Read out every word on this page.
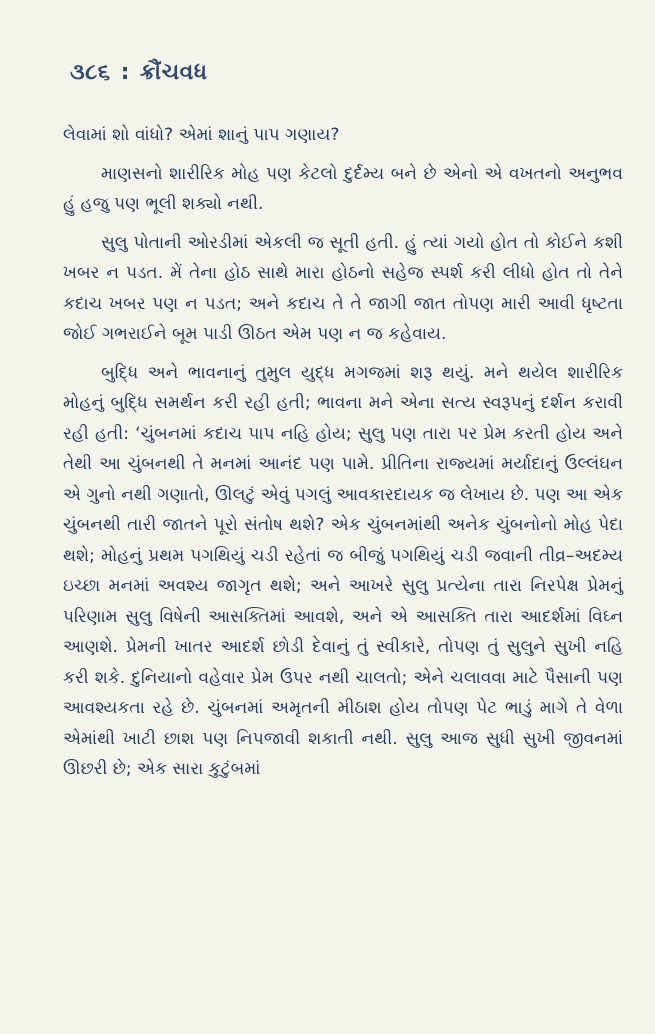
૩૮૬ : ક્રૌંચવધ

લેવામાં શો વાંધો? એમાં શાનું પાપ ગણાય?

માણસનો શારીરિક મોહ પણ કેટલો દુર્દમ્ય બને છે એનો એ વખતનો અનુભવ હું હજુ પણ ભૂલી શક્યો નથી.

સુલુ પોતાની ઓરડીમાં એકલી જ સૂતી હતી. હું ત્યાં ગયો હોત તો કોઈને કશી ખબર ન પડત. મેં તેના હોઠ સાથે મારા હોઠનો સહેજ સ્પર્શ કરી લીધો હોત તો તેને કદાચ ખબર પણ ન પડત; અને કદાચ તે તે જાગી જાત તોપણ મારી આવી ધૃષ્ટતા જોઈ ગભરાઈને બૂમ પાડી ઊઠત એમ પણ ન જ કહેવાય.

બુદ્ધિ અને ભાવનાનું તુમુલ યુદ્ધ મગજમાં શરૂ થયું. મને થયેલ શારીરિક મોહનું બુદ્ધિ સમર્થન કરી રહી હતી; ભાવના મને એના સત્ય સ્વરૂપનું દર્શન કરાવી રહી હતી: ‘ચુંબનમાં કદાચ પાપ નહિ હોય; સુલુ પણ તારા પર પ્રેમ કરતી હોય અને તેથી આ ચુંબનથી તે મનમાં આનંદ પણ પામે. પ્રીતિના રાજ્યમાં મર્યાદાનું ઉલ્લંઘન એ ગુનો નથી ગણાતો, ઊલટું એવું પગલું આવકારદાયક જ લેખાય છે. પણ આ એક ચુંબનથી તારી જાતને પૂરો સંતોષ થશે? એક ચુંબનમાંથી અનેક ચુંબનોનો મોહ પેદા થશે; મોહનું પ્રથમ પગથિયું ચડી રહેતાં જ બીજું પગથિયું ચડી જવાની તીવ્ર–અદમ્ય ઇચ્છા મનમાં અવશ્ય જાગૃત થશે; અને આખરે સુલુ પ્રત્યેના તારા નિરપેક્ષ પ્રેમનું પરિણામ સુલુ વિષેની આસક્તિમાં આવશે, અને એ આસક્તિ તારા આદર્શમાં વિઘ્ન આણશે. પ્રેમની ખાતર આદર્શ છોડી દેવાનું તું સ્વીકારે, તોપણ તું સુલુને સુખી નહિ કરી શકે. દુનિયાનો વહેવાર પ્રેમ ઉપર નથી ચાલતો; એને ચલાવવા માટે પૈસાની પણ આવશ્યકતા રહે છે. ચુંબનમાં અમૃતની મીઠાશ હોય તોપણ પેટ ભાડું માગે તે વેળા એમાંથી ખાટી છાશ પણ નિપજાવી શકાતી નથી. સુલુ આજ સુધી સુખી જીવનમાં ઊછરી છે; એક સારા કુટુંબમાં
